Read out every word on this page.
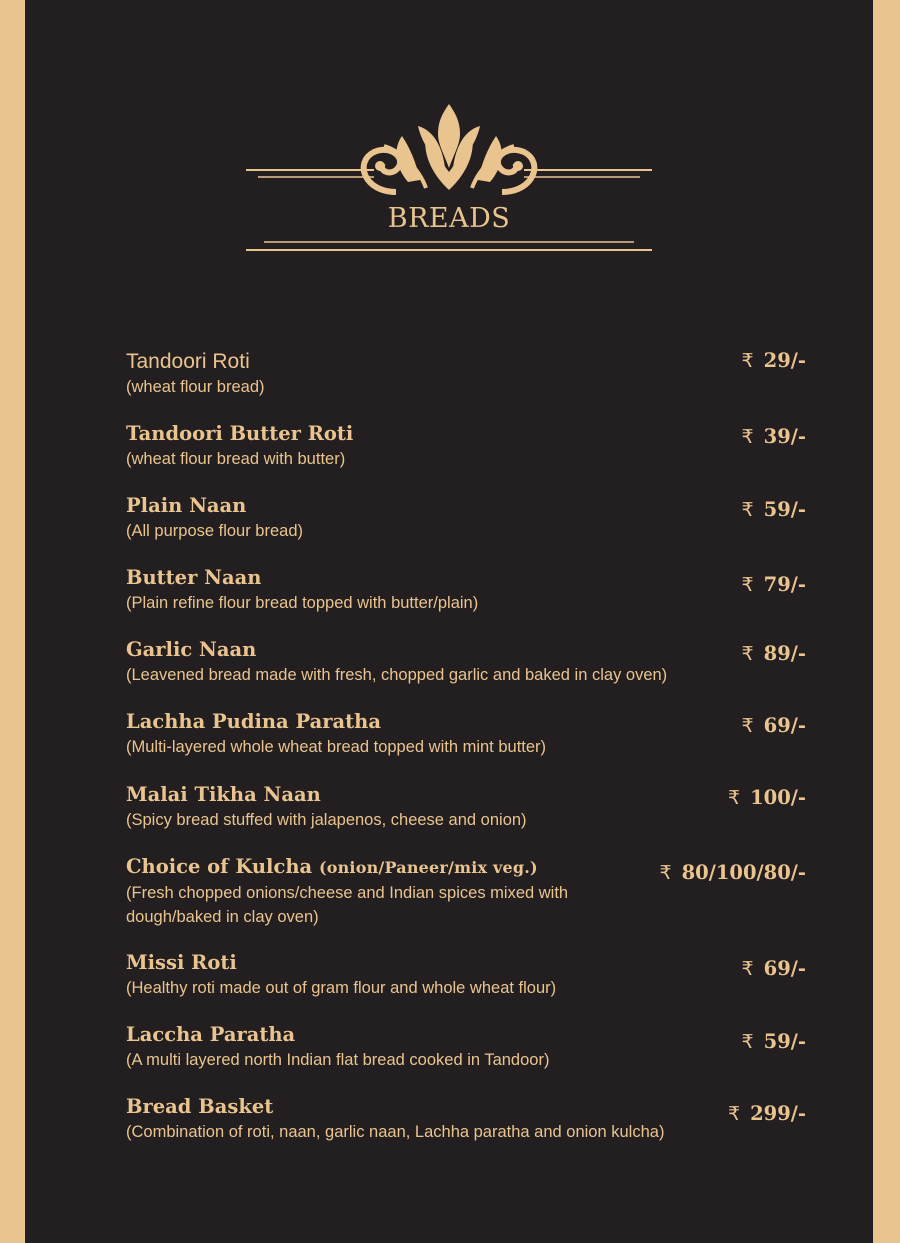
BREADS
Tandoori Roti
(wheat flour bread)
₹ 29/-
Tandoori Butter Roti
(wheat flour bread with butter)
₹ 39/-
Plain Naan
(All purpose flour bread)
₹ 59/-
Butter Naan
(Plain refine flour bread topped with butter/plain)
₹ 79/-
Garlic Naan
(Leavened bread made with fresh, chopped garlic and baked in clay oven)
₹ 89/-
Lachha Pudina Paratha
(Multi-layered whole wheat bread topped with mint butter)
₹ 69/-
Malai Tikha Naan
(Spicy bread stuffed with jalapenos, cheese and onion)
₹ 100/-
Choice of Kulcha (onion/Paneer/mix veg.)
(Fresh chopped onions/cheese and Indian spices mixed with dough/baked in clay oven)
₹ 80/100/80/-
Missi Roti
(Healthy roti made out of gram flour and whole wheat flour)
₹ 69/-
Laccha Paratha
(A multi layered north Indian flat bread cooked in Tandoor)
₹ 59/-
Bread Basket
(Combination of roti, naan, garlic naan, Lachha paratha and onion kulcha)
₹ 299/-
